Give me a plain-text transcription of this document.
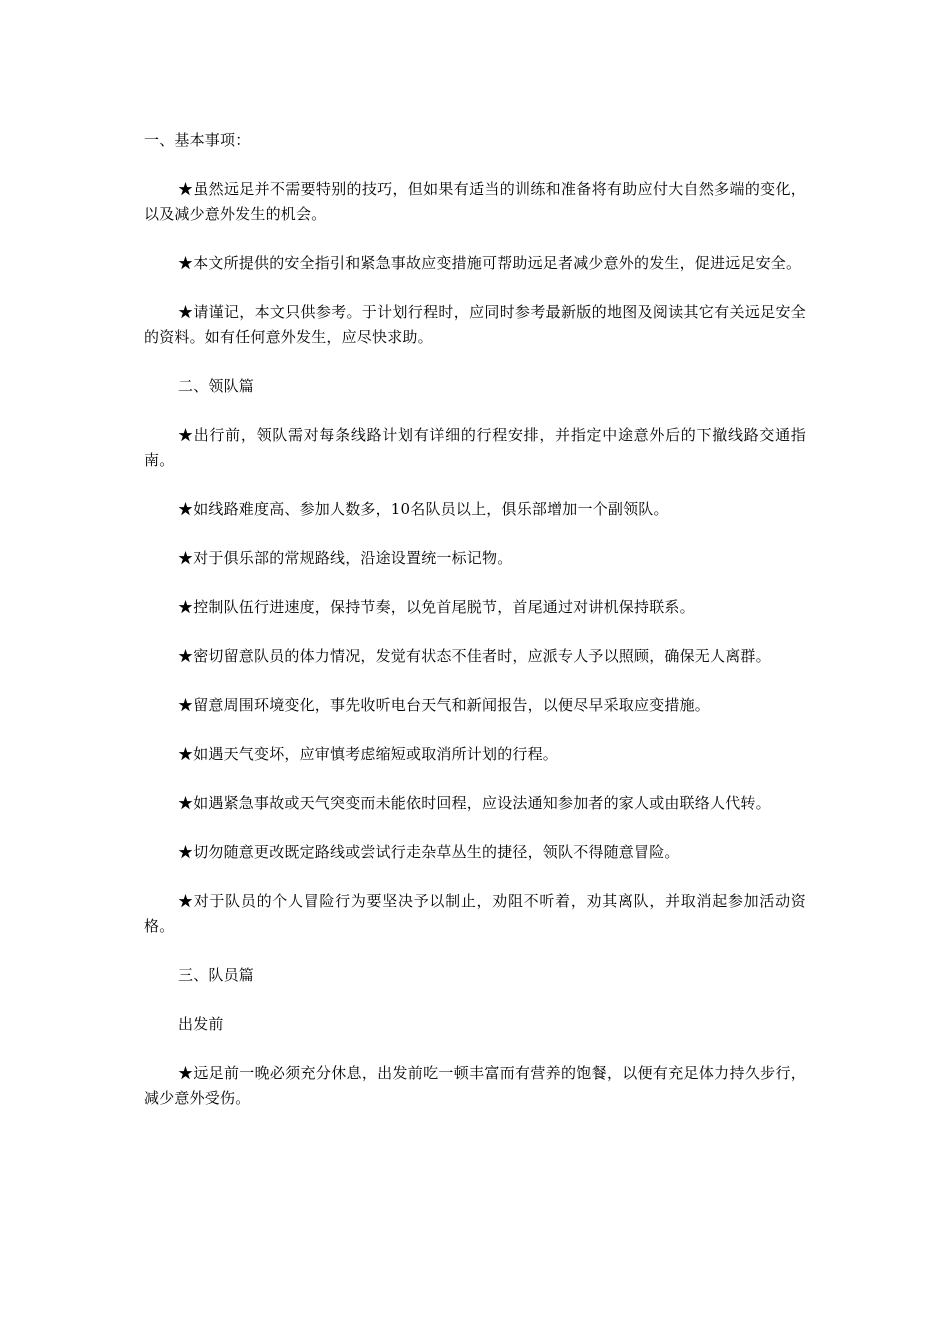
一、基本事项：

★虽然远足并不需要特别的技巧，但如果有适当的训练和准备将有助应付大自然多端的变化，以及减少意外发生的机会。

★本文所提供的安全指引和紧急事故应变措施可帮助远足者减少意外的发生，促进远足安全。

★请谨记，本文只供参考。于计划行程时，应同时参考最新版的地图及阅读其它有关远足安全的资料。如有任何意外发生，应尽快求助。

二、领队篇

★出行前，领队需对每条线路计划有详细的行程安排，并指定中途意外后的下撤线路交通指南。

★如线路难度高、参加人数多，10名队员以上，俱乐部增加一个副领队。

★对于俱乐部的常规路线，沿途设置统一标记物。

★控制队伍行进速度，保持节奏，以免首尾脱节，首尾通过对讲机保持联系。

★密切留意队员的体力情况，发觉有状态不佳者时，应派专人予以照顾，确保无人离群。

★留意周围环境变化，事先收听电台天气和新闻报告，以便尽早采取应变措施。

★如遇天气变坏，应审慎考虑缩短或取消所计划的行程。

★如遇紧急事故或天气突变而未能依时回程，应设法通知参加者的家人或由联络人代转。

★切勿随意更改既定路线或尝试行走杂草丛生的捷径，领队不得随意冒险。

★对于队员的个人冒险行为要坚决予以制止，劝阻不听着，劝其离队，并取消起参加活动资格。

三、队员篇

出发前

★远足前一晚必须充分休息，出发前吃一顿丰富而有营养的饱餐，以便有充足体力持久步行，减少意外受伤。
